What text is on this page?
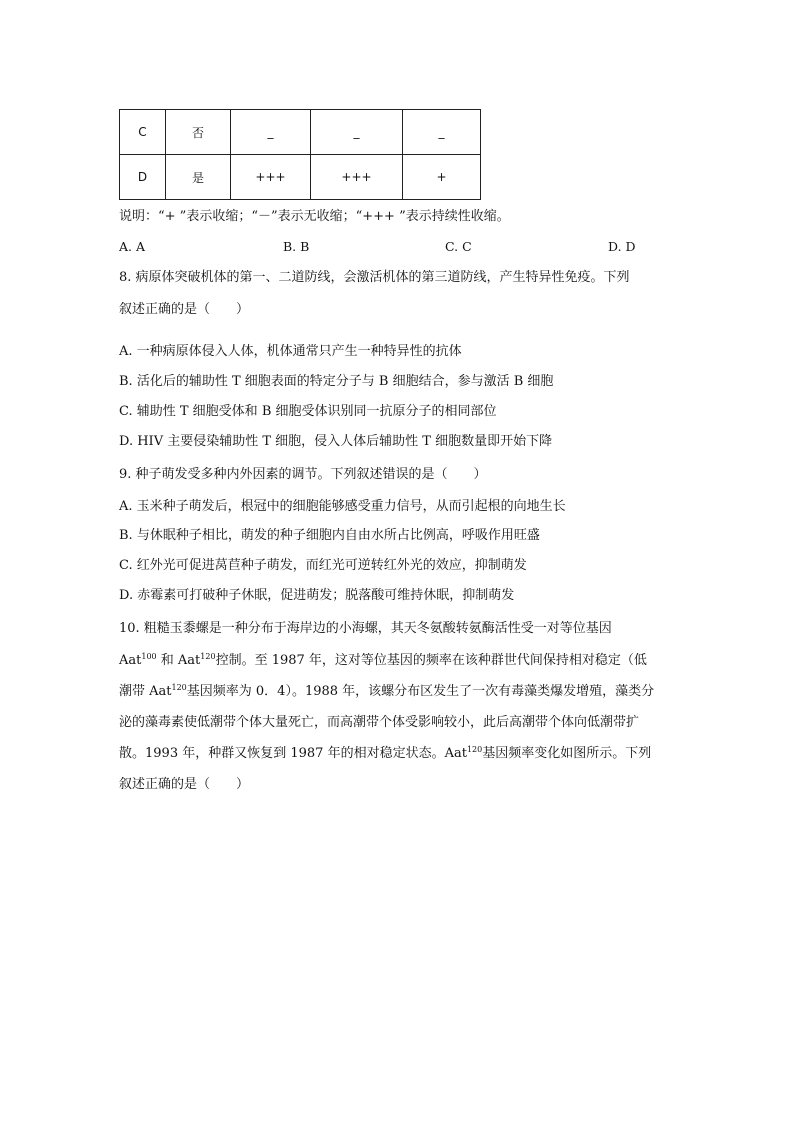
C	否	_	_	_
D	是	+++	+++	+
说明：“+ ”表示收缩；“－”表示无收缩；“+++ ”表示持续性收缩。
A. A	B. B	C. C	D. D
8. 病原体突破机体的第一、二道防线，会激活机体的第三道防线，产生特异性免疫。下列
叙述正确的是（　　）
A. 一种病原体侵入人体，机体通常只产生一种特异性的抗体
B. 活化后的辅助性 T 细胞表面的特定分子与 B 细胞结合，参与激活 B 细胞
C. 辅助性 T 细胞受体和 B 细胞受体识别同一抗原分子的相同部位
D. HIV 主要侵染辅助性 T 细胞，侵入人体后辅助性 T 细胞数量即开始下降
9. 种子萌发受多种内外因素的调节。下列叙述错误的是（　　）
A. 玉米种子萌发后，根冠中的细胞能够感受重力信号，从而引起根的向地生长
B. 与休眠种子相比，萌发的种子细胞内自由水所占比例高，呼吸作用旺盛
C. 红外光可促进莴苣种子萌发，而红光可逆转红外光的效应，抑制萌发
D. 赤霉素可打破种子休眠，促进萌发；脱落酸可维持休眠，抑制萌发
10. 粗糙玉黍螺是一种分布于海岸边的小海螺，其天冬氨酸转氨酶活性受一对等位基因
Aat$^{100}$ 和 Aat$^{120}$控制。至 1987 年，这对等位基因的频率在该种群世代间保持相对稳定（低
潮带 Aat$^{120}$基因频率为 0．4）。1988 年，该螺分布区发生了一次有毒藻类爆发增殖，藻类分
泌的藻毒素使低潮带个体大量死亡，而高潮带个体受影响较小，此后高潮带个体向低潮带扩
散。1993 年，种群又恢复到 1987 年的相对稳定状态。Aat$^{120}$基因频率变化如图所示。下列
叙述正确的是（　　）
